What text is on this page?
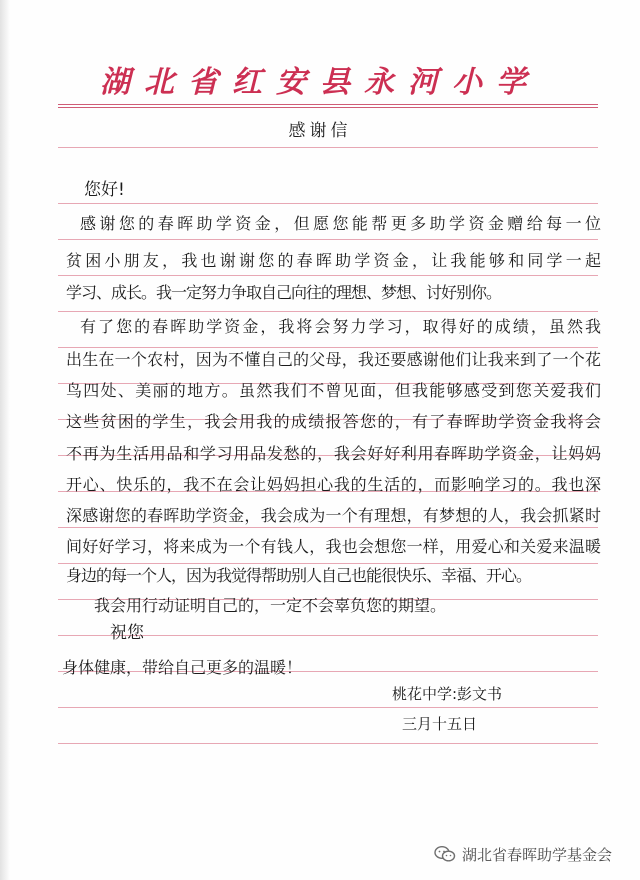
湖北省红安县永河小学
感谢信
您好!
感谢您的春晖助学资金，但愿您能帮更多助学资金赠给每一位
贫困小朋友，我也谢谢您的春晖助学资金，让我能够和同学一起
学习、成长。我一定努力争取自己向往的理想、梦想、讨好别你。
有了您的春晖助学资金，我将会努力学习，取得好的成绩，虽然我
出生在一个农村，因为不懂自己的父母，我还要感谢他们让我来到了一个花
鸟四处、美丽的地方。虽然我们不曾见面，但我能够感受到您关爱我们
这些贫困的学生，我会用我的成绩报答您的，有了春晖助学资金我将会
不再为生活用品和学习用品发愁的，我会好好利用春晖助学资金，让妈妈
开心、快乐的，我不在会让妈妈担心我的生活的，而影响学习的。我也深
深感谢您的春晖助学资金，我会成为一个有理想，有梦想的人，我会抓紧时
间好好学习，将来成为一个有钱人，我也会想您一样，用爱心和关爱来温暖
身边的每一个人，因为我觉得帮助别人自己也能很快乐、幸福、开心。
我会用行动证明自己的，一定不会辜负您的期望。
祝您
身体健康，带给自己更多的温暖！
桃花中学:彭文书
三月十五日
湖北省春晖助学基金会
